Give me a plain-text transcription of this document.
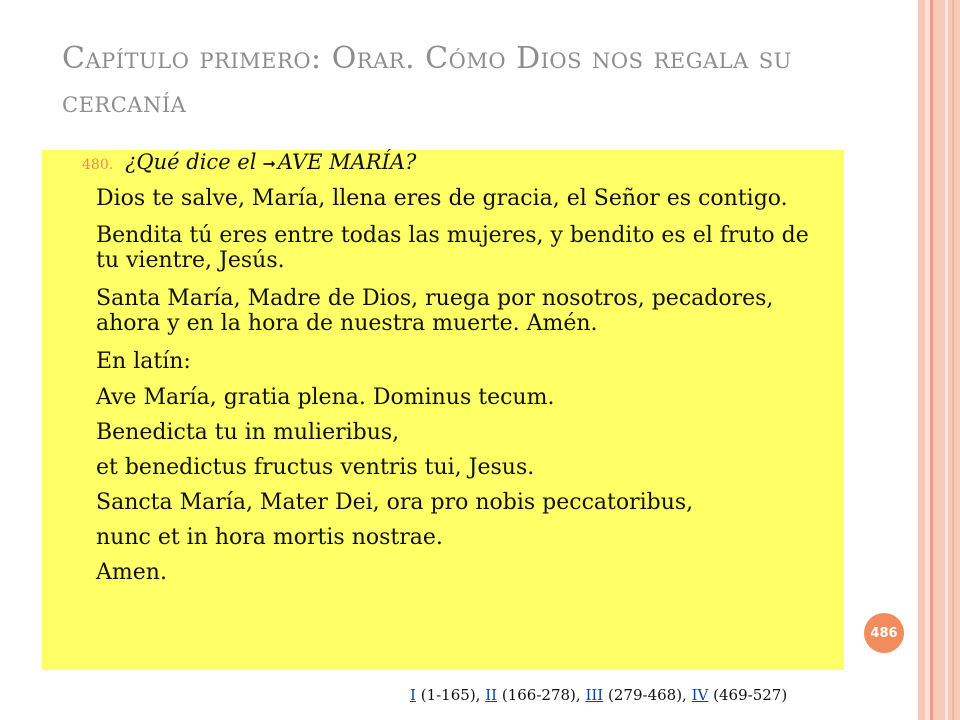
Capítulo primero: Orar. Cómo Dios nos regala su cercanía
480. ¿Qué dice el ➞ AVE MARÍA?

Dios te salve, María, llena eres de gracia, el Señor es contigo.

Bendita tú eres entre todas las mujeres, y bendito es el fruto de tu vientre, Jesús.

Santa María, Madre de Dios, ruega por nosotros, pecadores, ahora y en la hora de nuestra muerte. Amén.

En latín:

Ave María, gratia plena. Dominus tecum.

Benedicta tu in mulieribus,

et benedictus fructus ventris tui, Jesus.

Sancta María, Mater Dei, ora pro nobis peccatoribus,

nunc et in hora mortis nostrae.

Amen.

486
I (1-165), II (166-278), III (279-468), IV (469-527)
